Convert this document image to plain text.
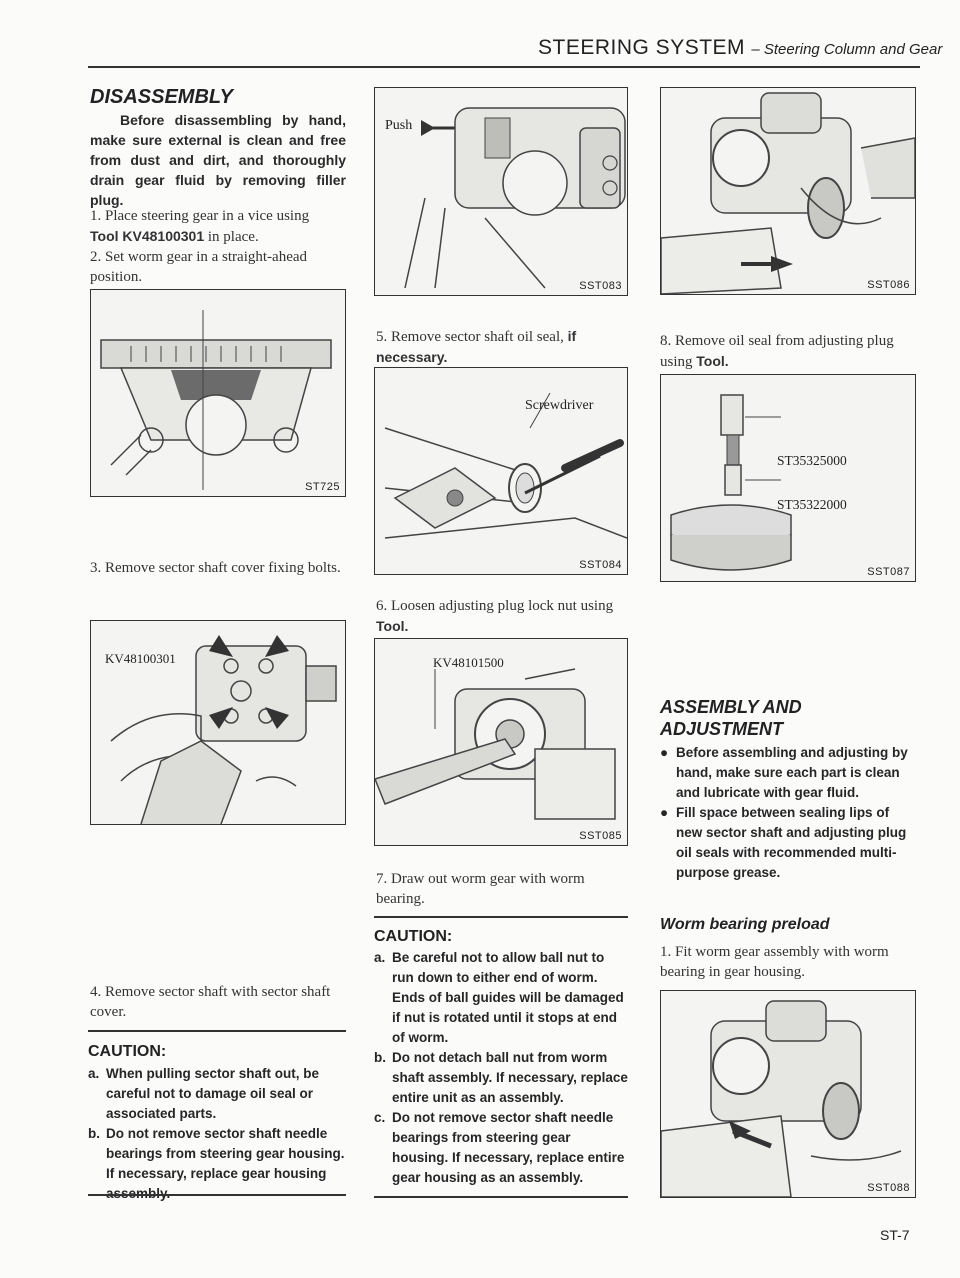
STEERING SYSTEM – Steering Column and Gear
DISASSEMBLY
Before disassembling by hand, make sure external is clean and free from dust and dirt, and thoroughly drain gear fluid by removing filler plug.
1. Place steering gear in a vice using
Tool KV48100301 in place.
2. Set worm gear in a straight-ahead position.
ST725
3. Remove sector shaft cover fixing bolts.
KV48100301
4. Remove sector shaft with sector shaft cover.
CAUTION:
a. When pulling sector shaft out, be careful not to damage oil seal or associated parts.
b. Do not remove sector shaft needle bearings from steering gear housing. If necessary, replace gear housing
Push
SST083
5. Remove sector shaft oil seal, if necessary.
Screwdriver
SST084
6. Loosen adjusting plug lock nut using Tool.
KV48101500
SST085
7. Draw out worm gear with worm bearing.
CAUTION:
a. Be careful not to allow ball nut to run down to either end of worm. Ends of ball guides will be damaged if nut is rotated until it stops at end of worm.
b. Do not detach ball nut from worm shaft assembly. If necessary, replace entire unit as an assembly.
c. Do not remove sector shaft needle bearings from steering gear housing. If necessary, replace entire gear housing as an assembly.
SST086
8. Remove oil seal from adjusting plug using Tool.
ST35325000
ST35322000
SST087
ASSEMBLY AND
ADJUSTMENT
● Before assembling and adjusting by hand, make sure each part is clean and lubricate with gear fluid.
● Fill space between sealing lips of new sector shaft and adjusting plug oil seals with recommended multi-purpose grease.
Worm bearing preload
1. Fit worm gear assembly with worm bearing in gear housing.
SST088
ST-7
